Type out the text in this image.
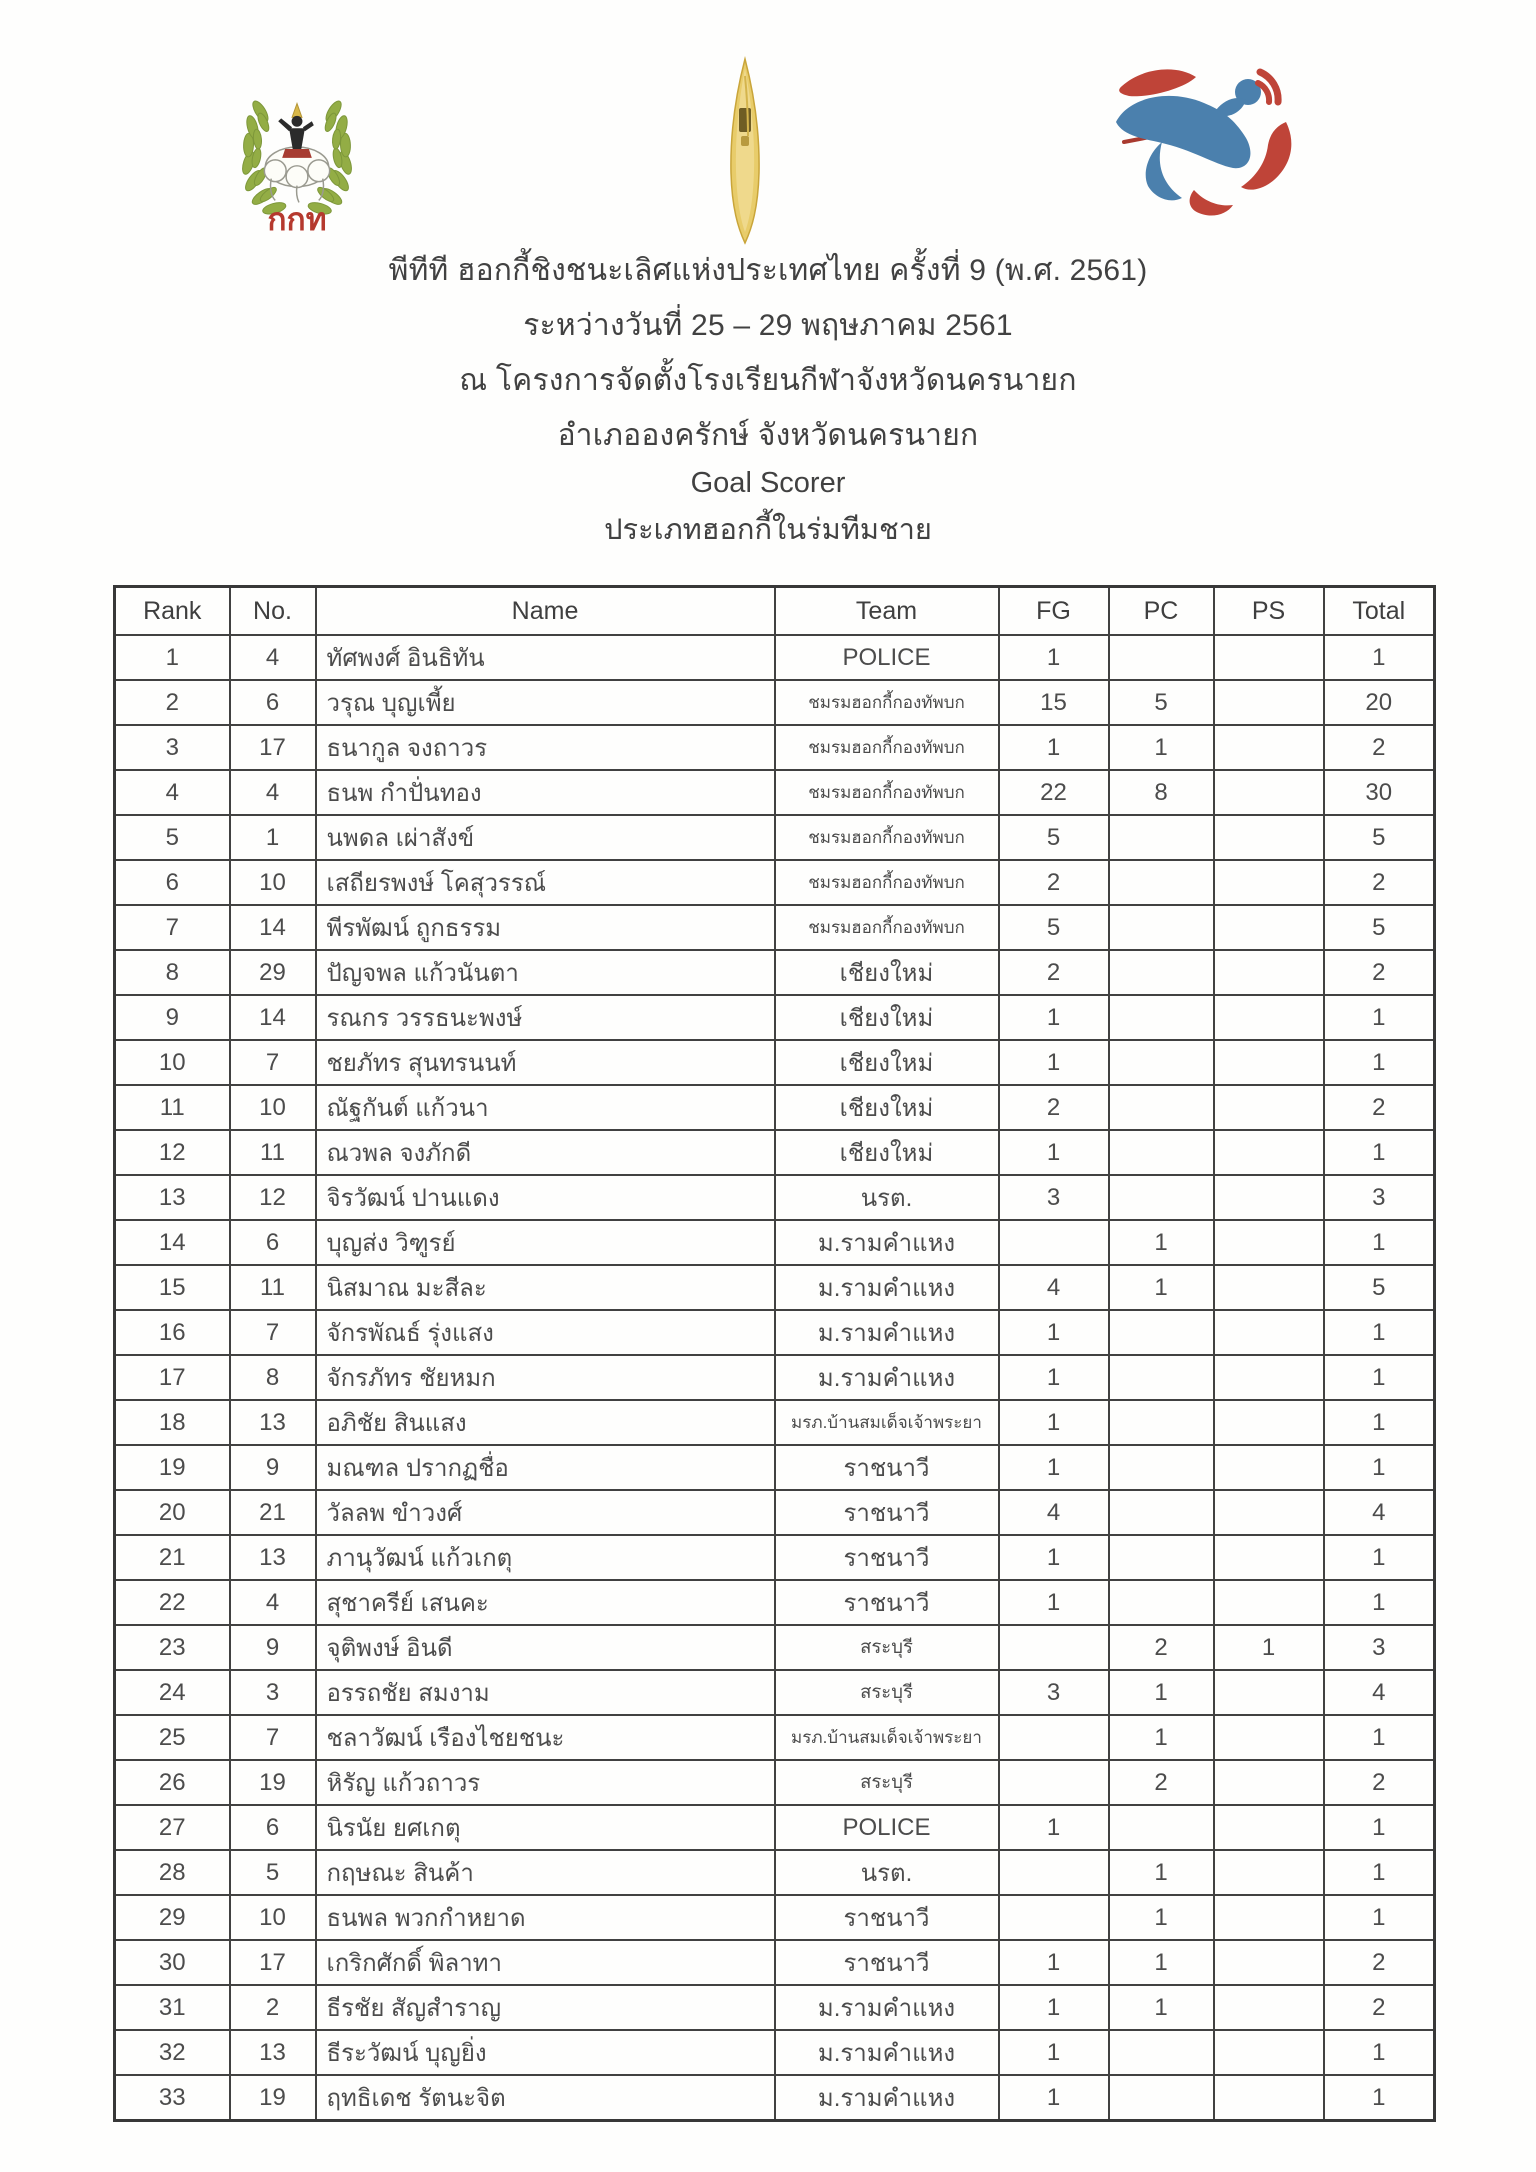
กกท
พีทีที ฮอกกี้ชิงชนะเลิศแห่งประเทศไทย ครั้งที่ 9 (พ.ศ. 2561)
ระหว่างวันที่ 25 – 29 พฤษภาคม 2561
ณ โครงการจัดตั้งโรงเรียนกีฬาจังหวัดนครนายก
อำเภอองครักษ์ จังหวัดนครนายก
Goal Scorer
ประเภทฮอกกี้ในร่มทีมชาย
Rank	No.	Name	Team	FG	PC	PS	Total
1	4	ทัศพงศ์ อินธิทัน	POLICE	1			1
2	6	วรุณ บุญเพี้ย	ชมรมฮอกกี้กองทัพบก	15	5		20
3	17	ธนากูล จงถาวร	ชมรมฮอกกี้กองทัพบก	1	1		2
4	4	ธนพ กำปั่นทอง	ชมรมฮอกกี้กองทัพบก	22	8		30
5	1	นพดล เผ่าสังข์	ชมรมฮอกกี้กองทัพบก	5			5
6	10	เสถียรพงษ์ โคสุวรรณ์	ชมรมฮอกกี้กองทัพบก	2			2
7	14	พีรพัฒน์ ถูกธรรม	ชมรมฮอกกี้กองทัพบก	5			5
8	29	ปัญจพล แก้วนันตา	เชียงใหม่	2			2
9	14	รณกร วรรธนะพงษ์	เชียงใหม่	1			1
10	7	ชยภัทร สุนทรนนท์	เชียงใหม่	1			1
11	10	ณัฐกันต์ แก้วนา	เชียงใหม่	2			2
12	11	ณวพล จงภักดี	เชียงใหม่	1			1
13	12	จิรวัฒน์ ปานแดง	นรต.	3			3
14	6	บุญส่ง วิฑูรย์	ม.รามคำแหง		1		1
15	11	นิสมาณ มะสีละ	ม.รามคำแหง	4	1		5
16	7	จักรพัณธ์ รุ่งแสง	ม.รามคำแหง	1			1
17	8	จักรภัทร ชัยหมก	ม.รามคำแหง	1			1
18	13	อภิชัย สินแสง	มรภ.บ้านสมเด็จเจ้าพระยา	1			1
19	9	มณฑล ปรากฏชื่อ	ราชนาวี	1			1
20	21	วัลลพ ขำวงศ์	ราชนาวี	4			4
21	13	ภานุวัฒน์ แก้วเกตุ	ราชนาวี	1			1
22	4	สุชาครีย์ เสนคะ	ราชนาวี	1			1
23	9	จุติพงษ์ อินดี	สระบุรี		2	1	3
24	3	อรรถชัย สมงาม	สระบุรี	3	1		4
25	7	ชลาวัฒน์ เรืองไชยชนะ	มรภ.บ้านสมเด็จเจ้าพระยา		1		1
26	19	หิรัญ แก้วถาวร	สระบุรี		2		2
27	6	นิรนัย ยศเกตุ	POLICE	1			1
28	5	กฤษณะ สินค้า	นรต.		1		1
29	10	ธนพล พวกกำหยาด	ราชนาวี		1		1
30	17	เกริกศักดิ์ พิลาทา	ราชนาวี	1	1		2
31	2	ธีรชัย สัญสำราญ	ม.รามคำแหง	1	1		2
32	13	ธีระวัฒน์ บุญยิ่ง	ม.รามคำแหง	1			1
33	19	ฤทธิเดช รัตนะจิต	ม.รามคำแหง	1			1
